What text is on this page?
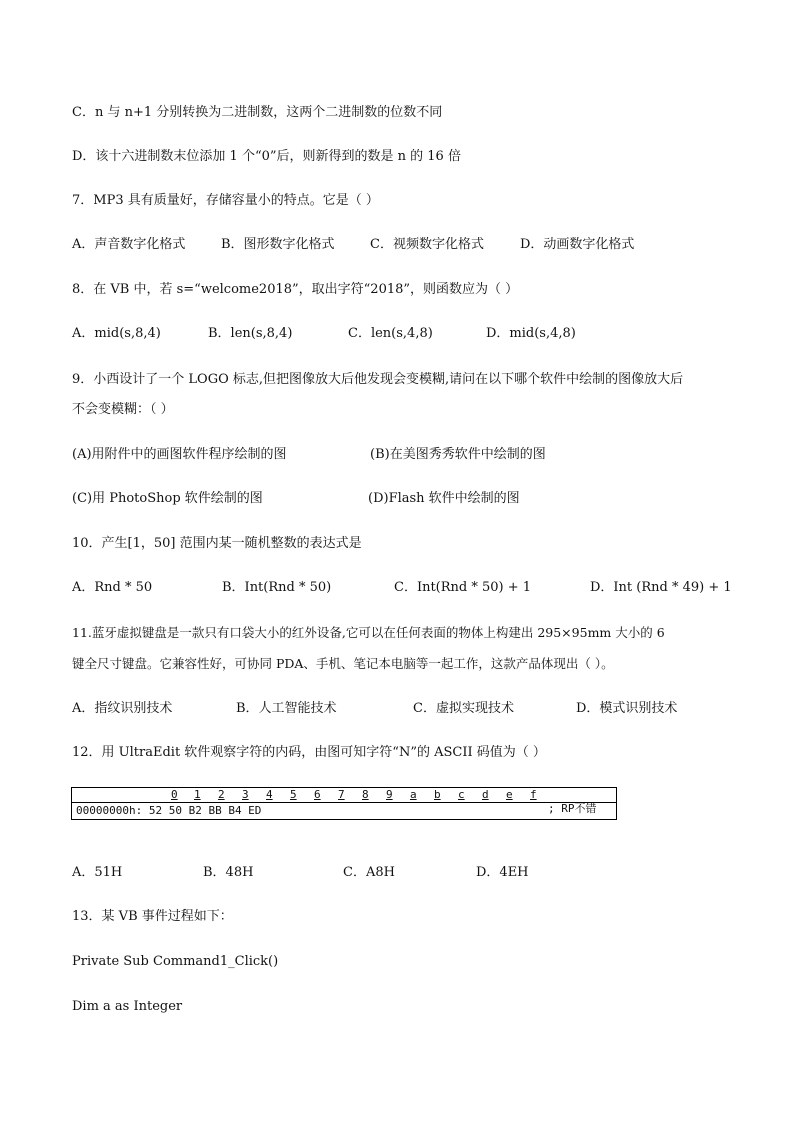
C．n 与 n+1 分别转换为二进制数，这两个二进制数的位数不同
D．该十六进制数末位添加 1 个“0”后，则新得到的数是 n 的 16 倍
7．MP3 具有质量好，存储容量小的特点。它是（ ）
A．声音数字化格式	B．图形数字化格式	C．视频数字化格式	D．动画数字化格式
8．在 VB 中，若 s=“welcome2018”，取出字符“2018”，则函数应为（ ）
A．mid(s,8,4)	B．len(s,8,4)	C．len(s,4,8)	D．mid(s,4,8)
9．小西设计了一个 LOGO 标志,但把图像放大后他发现会变模糊,请问在以下哪个软件中绘制的图像放大后
不会变模糊：（ ）
(A)用附件中的画图软件程序绘制的图	(B)在美图秀秀软件中绘制的图
(C)用 PhotoShop 软件绘制的图	(D)Flash 软件中绘制的图
10．产生[1，50] 范围内某一随机整数的表达式是
A．Rnd * 50	B．Int(Rnd * 50)	C．Int(Rnd * 50) + 1	D．Int (Rnd * 49) + 1
11.蓝牙虚拟键盘是一款只有口袋大小的红外设备,它可以在任何表面的物体上构建出 295×95mm 大小的 6
键全尺寸键盘。它兼容性好，可协同 PDA、手机、笔记本电脑等一起工作，这款产品体现出（ ）。
A．指纹识别技术	B．人工智能技术	C．虚拟实现技术	D．模式识别技术
12．用 UltraEdit 软件观察字符的内码，由图可知字符“N”的 ASCII 码值为（ ）
0 1 2 3 4 5 6 7 8 9 a b c d e f
00000000h: 52 50 B2 BB B4 ED	; RP不错
A．51H	B．48H	C．A8H	D．4EH
13．某 VB 事件过程如下：
Private Sub Command1_Click()
Dim a as Integer
